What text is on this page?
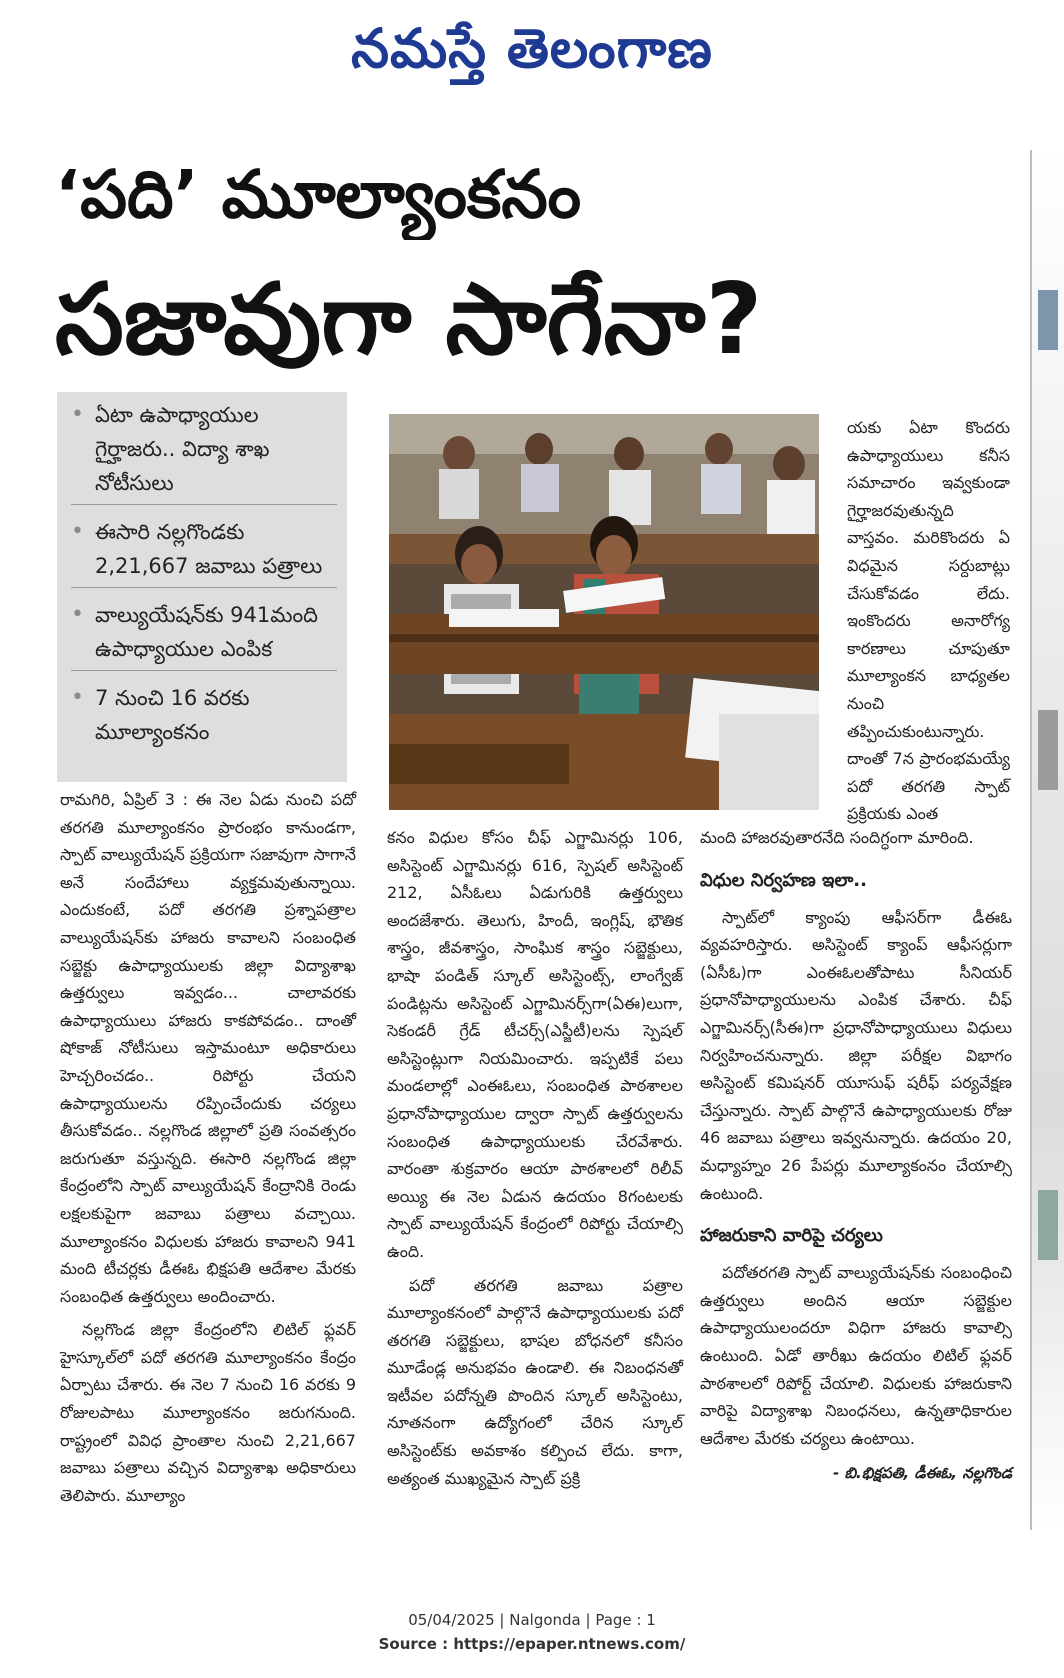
నమస్తే తెలంగాణ
‘పది’ మూల్యాంకనం
సజావుగా సాగేనా?
• ఏటా ఉపాధ్యాయుల గైర్హాజరు.. విద్యా శాఖ నోటీసులు
• ఈసారి నల్లగొండకు 2,21,667 జవాబు పత్రాలు
• వాల్యుయేషన్‌కు 941మంది ఉపాధ్యాయుల ఎంపిక
• 7 నుంచి 16 వరకు మూల్యాంకనం

రామగిరి, ఏప్రిల్ 3 : ఈ నెల ఏడు నుంచి పదో తరగతి మూల్యాంకనం ప్రారంభం కానుండగా, స్పాట్ వాల్యుయేషన్ ప్రక్రియగా సజావుగా సాగానే అనే సందేహాలు వ్యక్తమవుతున్నాయి. ఎందుకంటే, పదో తరగతి ప్రశ్నాపత్రాల వాల్యుయేషన్‌కు హాజరు కావాలని సంబంధిత సబ్జెక్టు ఉపాధ్యాయులకు జిల్లా విద్యాశాఖ ఉత్తర్వులు ఇవ్వడం... చాలావరకు ఉపాధ్యాయులు హాజరు కాకపోవడం.. దాంతో షోకాజ్ నోటీసులు ఇస్తామంటూ అధికారులు హెచ్చరించడం.. రిపోర్టు చేయని ఉపాధ్యాయులను రప్పించేందుకు చర్యలు తీసుకోవడం.. నల్లగొండ జిల్లాలో ప్రతి సంవత్సరం జరుగుతూ వస్తున్నది. ఈసారి నల్లగొండ జిల్లా కేంద్రంలోని స్పాట్ వాల్యుయేషన్ కేంద్రానికి రెండు లక్షలకుపైగా జవాబు పత్రాలు వచ్చాయి. మూల్యాంకనం విధులకు హాజరు కావాలని 941 మంది టీచర్లకు డీఈఓ భిక్షపతి ఆదేశాల మేరకు సంబంధిత ఉత్తర్వులు అందించారు.

నల్లగొండ జిల్లా కేంద్రంలోని లిటిల్ ఫ్లవర్ హైస్కూల్‌లో పదో తరగతి మూల్యాంకనం కేంద్రం ఏర్పాటు చేశారు. ఈ నెల 7 నుంచి 16 వరకు 9 రోజులపాటు మూల్యాంకనం జరుగనుంది. రాష్ట్రంలో వివిధ ప్రాంతాల నుంచి 2,21,667 జవాబు పత్రాలు వచ్చిన విద్యాశాఖ అధికారులు తెలిపారు. మూల్యాం

కనం విధుల కోసం చీఫ్ ఎగ్జామినర్లు 106, అసిస్టెంట్ ఎగ్జామినర్లు 616, స్పెషల్ అసిస్టెంట్ 212, ఏసీఓలు ఏడుగురికి ఉత్తర్వులు అందజేశారు. తెలుగు, హిందీ, ఇంగ్లిష్, భౌతిక శాస్త్రం, జీవశాస్త్రం, సాంఘిక శాస్త్రం సబ్జెక్టులు, భాషా పండిత్ స్కూల్ అసిస్టెంట్స్, లాంగ్వేజ్ పండిట్లను అసిస్టెంట్ ఎగ్జామినర్స్‌గా(ఏఈ)లుగా, సెకండరీ గ్రేడ్ టీచర్స్(ఎస్జీటీ)లను స్పెషల్ అసిస్టెంట్లుగా నియమించారు. ఇప్పటికే పలు మండలాల్లో ఎంఈఓలు, సంబంధిత పాఠశాలల ప్రధానోపాధ్యాయుల ద్వారా స్పాట్ ఉత్తర్వులను సంబంధిత ఉపాధ్యాయులకు చేరవేశారు. వారంతా శుక్రవారం ఆయా పాఠశాలలో రిలీవ్ అయ్యి ఈ నెల ఏడున ఉదయం 8గంటలకు స్పాట్ వాల్యుయేషన్ కేంద్రంలో రిపోర్టు చేయాల్సి ఉంది.

పదో తరగతి జవాబు పత్రాల మూల్యాంకనంలో పాల్గొనే ఉపాధ్యాయులకు పదో తరగతి సబ్జెక్టులు, భాషల బోధనలో కనీసం మూడేండ్ల అనుభవం ఉండాలి. ఈ నిబంధనతో ఇటీవల పదోన్నతి పొందిన స్కూల్ అసిస్టెంటు, నూతనంగా ఉద్యోగంలో చేరిన స్కూల్ అసిస్టెంట్‌కు అవకాశం కల్పించ లేదు. కాగా, అత్యంత ముఖ్యమైన స్పాట్ ప్రక్రి

యకు ఏటా కొందరు ఉపాధ్యాయులు కనీస సమాచారం ఇవ్వకుండా గైర్హాజరవుతున్నది వాస్తవం. మరికొందరు ఏ విధమైన సర్దుబాట్లు చేసుకోవడం లేదు. ఇంకొందరు అనారోగ్య కారణాలు చూపుతూ మూల్యాంకన బాధ్యతల నుంచి తప్పించుకుంటున్నారు. దాంతో 7న ప్రారంభమయ్యే పదో తరగతి స్పాట్ ప్రక్రియకు ఎంత

మంది హాజరవుతారనేది సందిగ్ధంగా మారింది.

విధుల నిర్వహణ ఇలా..

స్పాట్‌లో క్యాంపు ఆఫీసర్‌గా డీఈఓ వ్యవహరిస్తారు. అసిస్టెంట్ క్యాంప్ ఆఫీసర్లుగా (ఏసీఓ)గా ఎంఈఓలతోపాటు సీనియర్ ప్రధానోపాధ్యాయులను ఎంపిక చేశారు. చీఫ్ ఎగ్జామినర్స్(సీఈ)గా ప్రధానోపాధ్యాయులు విధులు నిర్వహించనున్నారు. జిల్లా పరీక్షల విభాగం అసిస్టెంట్ కమిషనర్ యూసుఫ్ షరీఫ్ పర్యవేక్షణ చేస్తున్నారు. స్పాట్ పాల్గొనే ఉపాధ్యాయులకు రోజు 46 జవాబు పత్రాలు ఇవ్వనున్నారు. ఉదయం 20, మధ్యాహ్నం 26 పేపర్లు మూల్యాకంనం చేయాల్సి ఉంటుంది.

హాజరుకాని వారిపై చర్యలు

పదోతరగతి స్పాట్ వాల్యుయేషన్‌కు సంబంధించి ఉత్తర్వులు అందిన ఆయా సబ్జెక్టుల ఉపాధ్యాయులందరూ విధిగా హాజరు కావాల్సి ఉంటుంది. ఏడో తారీఖు ఉదయం లిటిల్ ఫ్లవర్ పాఠశాలలో రిపోర్ట్ చేయాలి. విధులకు హాజరుకాని వారిపై విద్యాశాఖ నిబంధనలు, ఉన్నతాధికారుల ఆదేశాల మేరకు చర్యలు ఉంటాయి.

- బి.భిక్షపతి, డీఈఓ, నల్లగొండ
05/04/2025 | Nalgonda | Page : 1
Source : https://epaper.ntnews.com/
